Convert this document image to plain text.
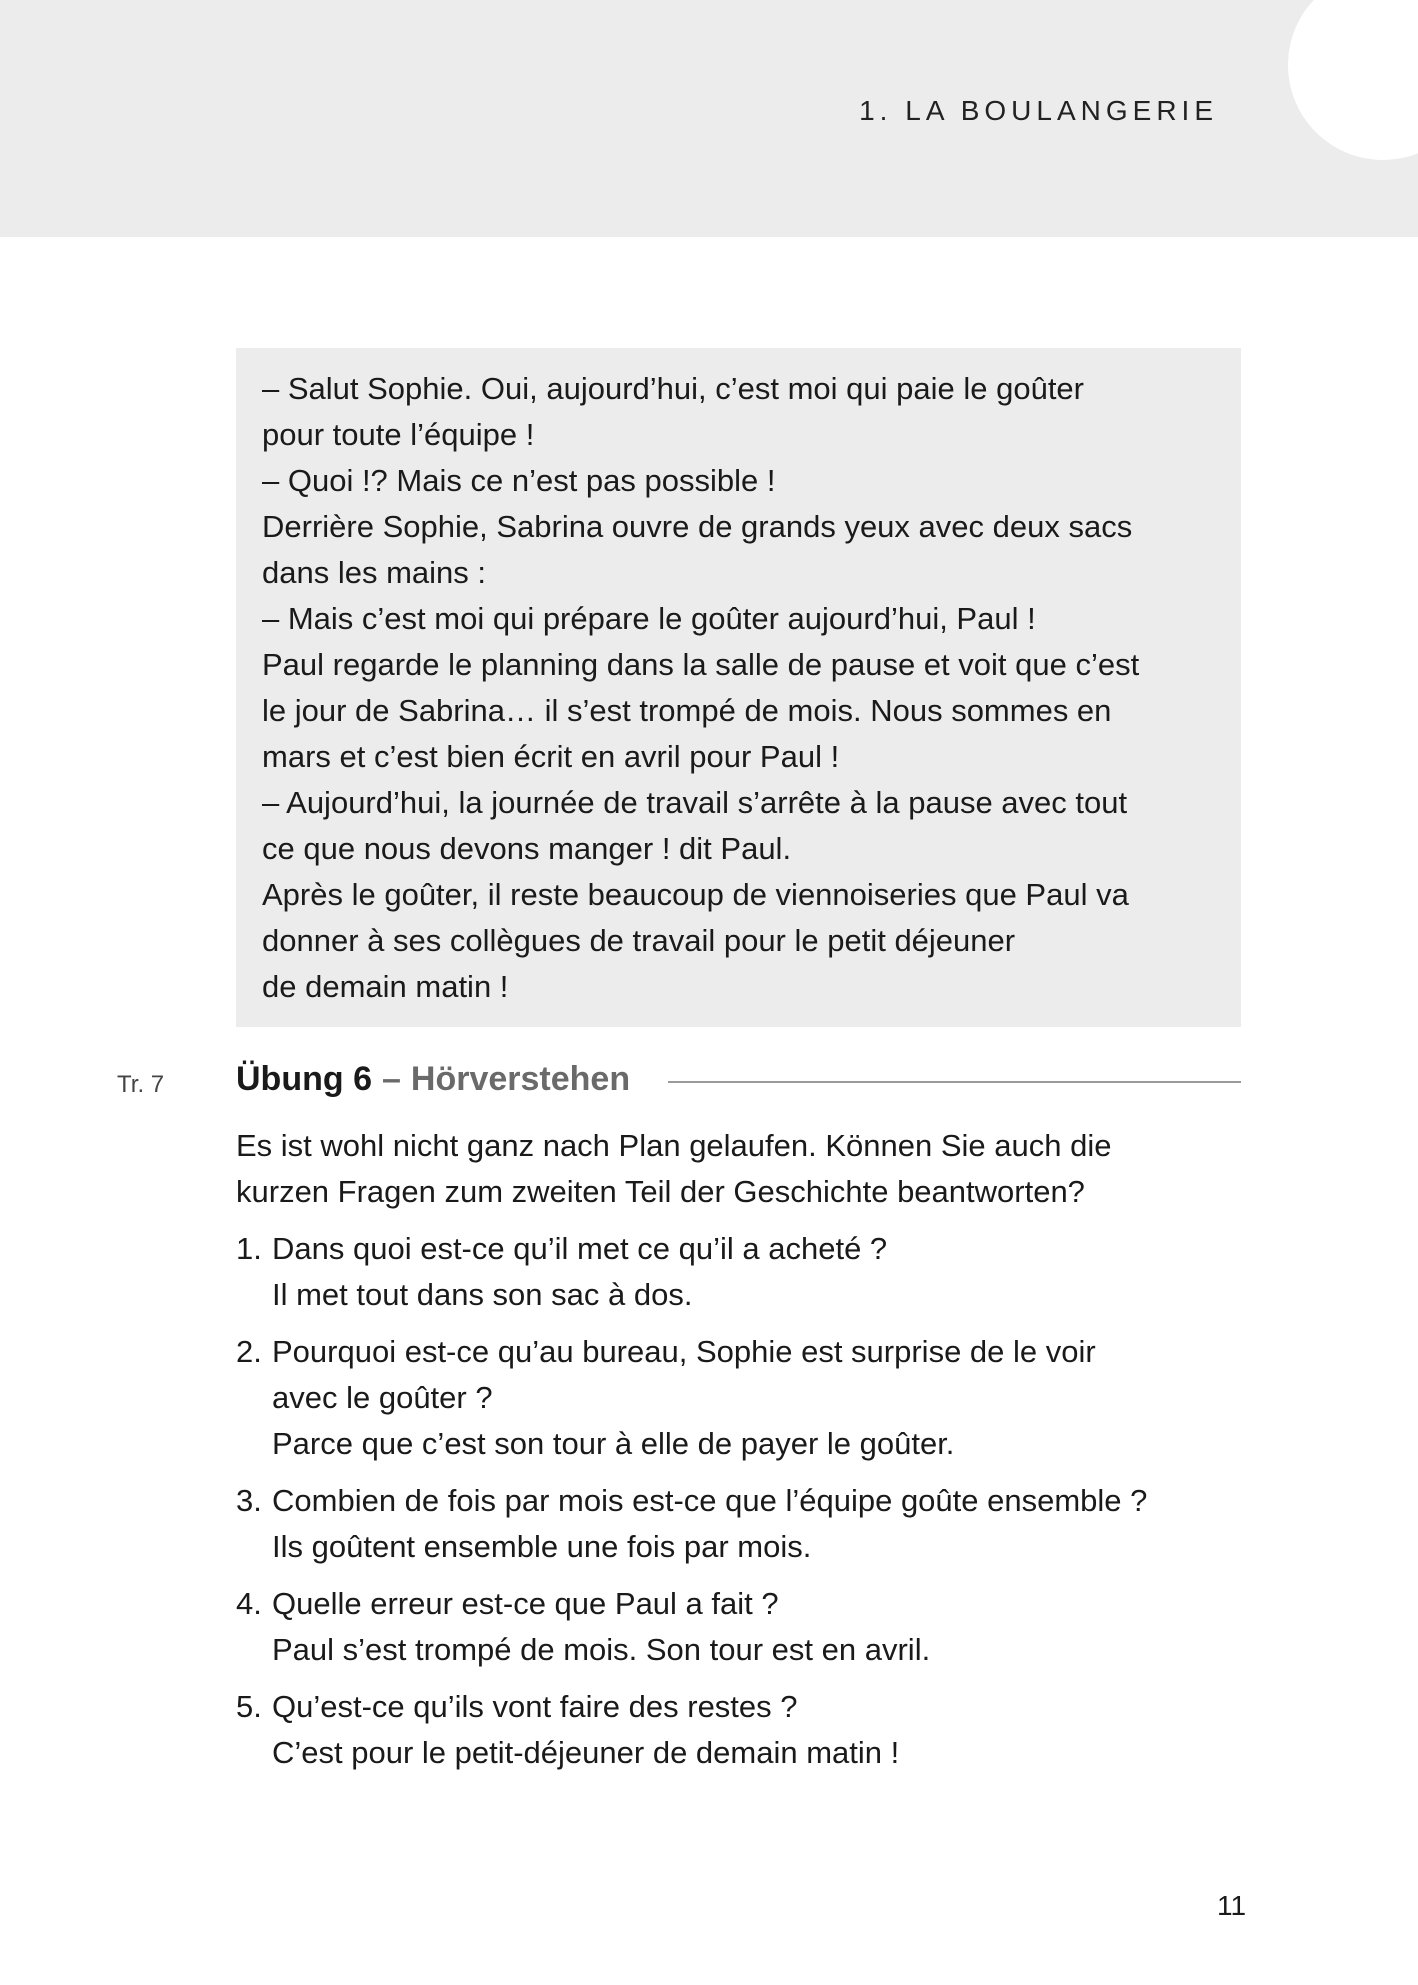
1. LA BOULANGERIE
– Salut Sophie. Oui, aujourd’hui, c’est moi qui paie le goûter
pour toute l’équipe !
– Quoi !? Mais ce n’est pas possible !
Derrière Sophie, Sabrina ouvre de grands yeux avec deux sacs
dans les mains :
– Mais c’est moi qui prépare le goûter aujourd’hui, Paul !
Paul regarde le planning dans la salle de pause et voit que c’est
le jour de Sabrina… il s’est trompé de mois. Nous sommes en
mars et c’est bien écrit en avril pour Paul !
– Aujourd’hui, la journée de travail s’arrête à la pause avec tout
ce que nous devons manger ! dit Paul.
Après le goûter, il reste beaucoup de viennoiseries que Paul va
donner à ses collègues de travail pour le petit déjeuner
de demain matin !
Tr. 7 Übung 6 – Hörverstehen
Es ist wohl nicht ganz nach Plan gelaufen. Können Sie auch die
kurzen Fragen zum zweiten Teil der Geschichte beantworten?
1. Dans quoi est-ce qu’il met ce qu’il a acheté ?
Il met tout dans son sac à dos.
2. Pourquoi est-ce qu’au bureau, Sophie est surprise de le voir
avec le goûter ?
Parce que c’est son tour à elle de payer le goûter.
3. Combien de fois par mois est-ce que l’équipe goûte ensemble ?
Ils goûtent ensemble une fois par mois.
4. Quelle erreur est-ce que Paul a fait ?
Paul s’est trompé de mois. Son tour est en avril.
5. Qu’est-ce qu’ils vont faire des restes ?
C’est pour le petit-déjeuner de demain matin !
11
